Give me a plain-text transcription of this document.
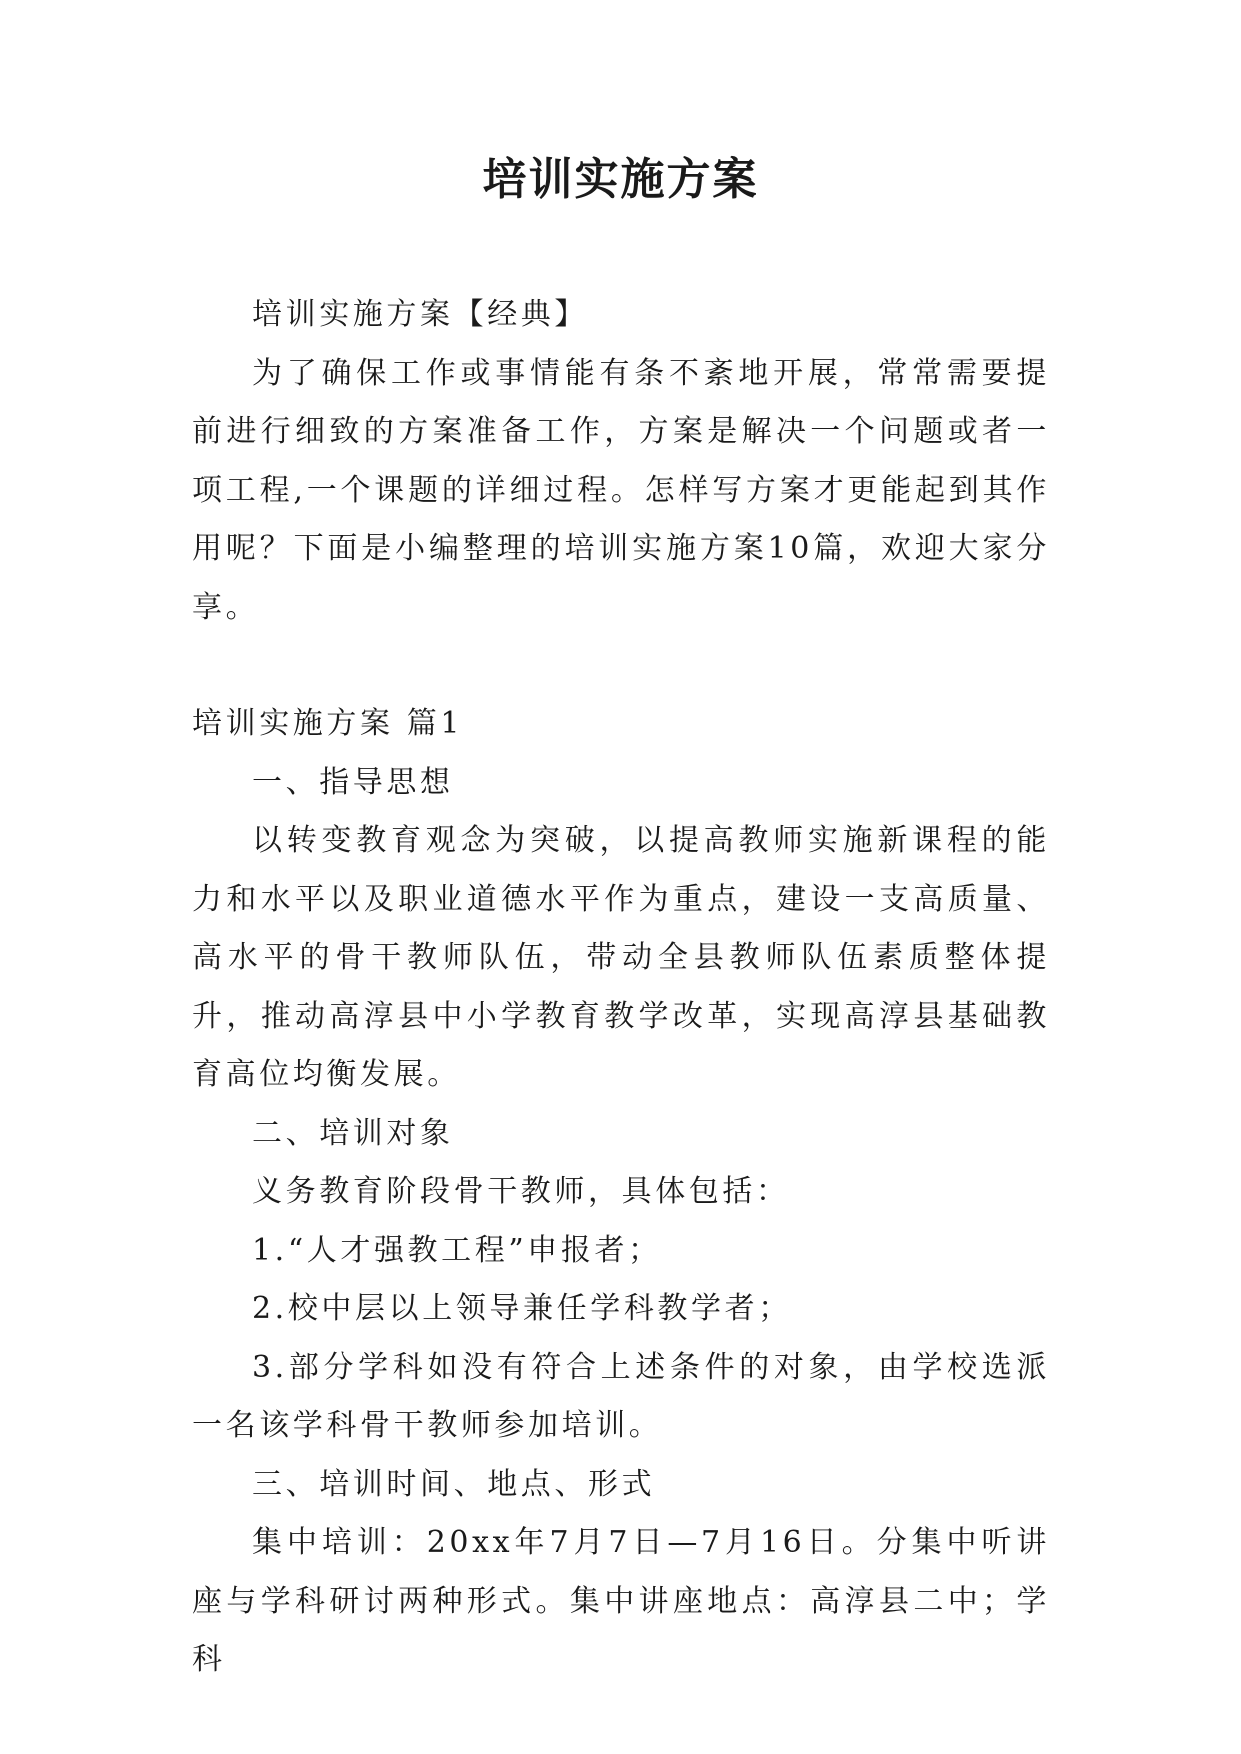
培训实施方案

培训实施方案【经典】

为了确保工作或事情能有条不紊地开展，常常需要提前进行细致的方案准备工作，方案是解决一个问题或者一项工程,一个课题的详细过程。怎样写方案才更能起到其作用呢？下面是小编整理的培训实施方案10篇，欢迎大家分享。

培训实施方案 篇1

一、指导思想

以转变教育观念为突破，以提高教师实施新课程的能力和水平以及职业道德水平作为重点，建设一支高质量、高水平的骨干教师队伍，带动全县教师队伍素质整体提升，推动高淳县中小学教育教学改革，实现高淳县基础教育高位均衡发展。

二、培训对象

义务教育阶段骨干教师，具体包括：

1.“人才强教工程”申报者；

2.校中层以上领导兼任学科教学者；

3.部分学科如没有符合上述条件的对象，由学校选派一名该学科骨干教师参加培训。

三、培训时间、地点、形式

集中培训：20xx年7月7日—7月16日。分集中听讲座与学科研讨两种形式。集中讲座地点：高淳县二中；学科
